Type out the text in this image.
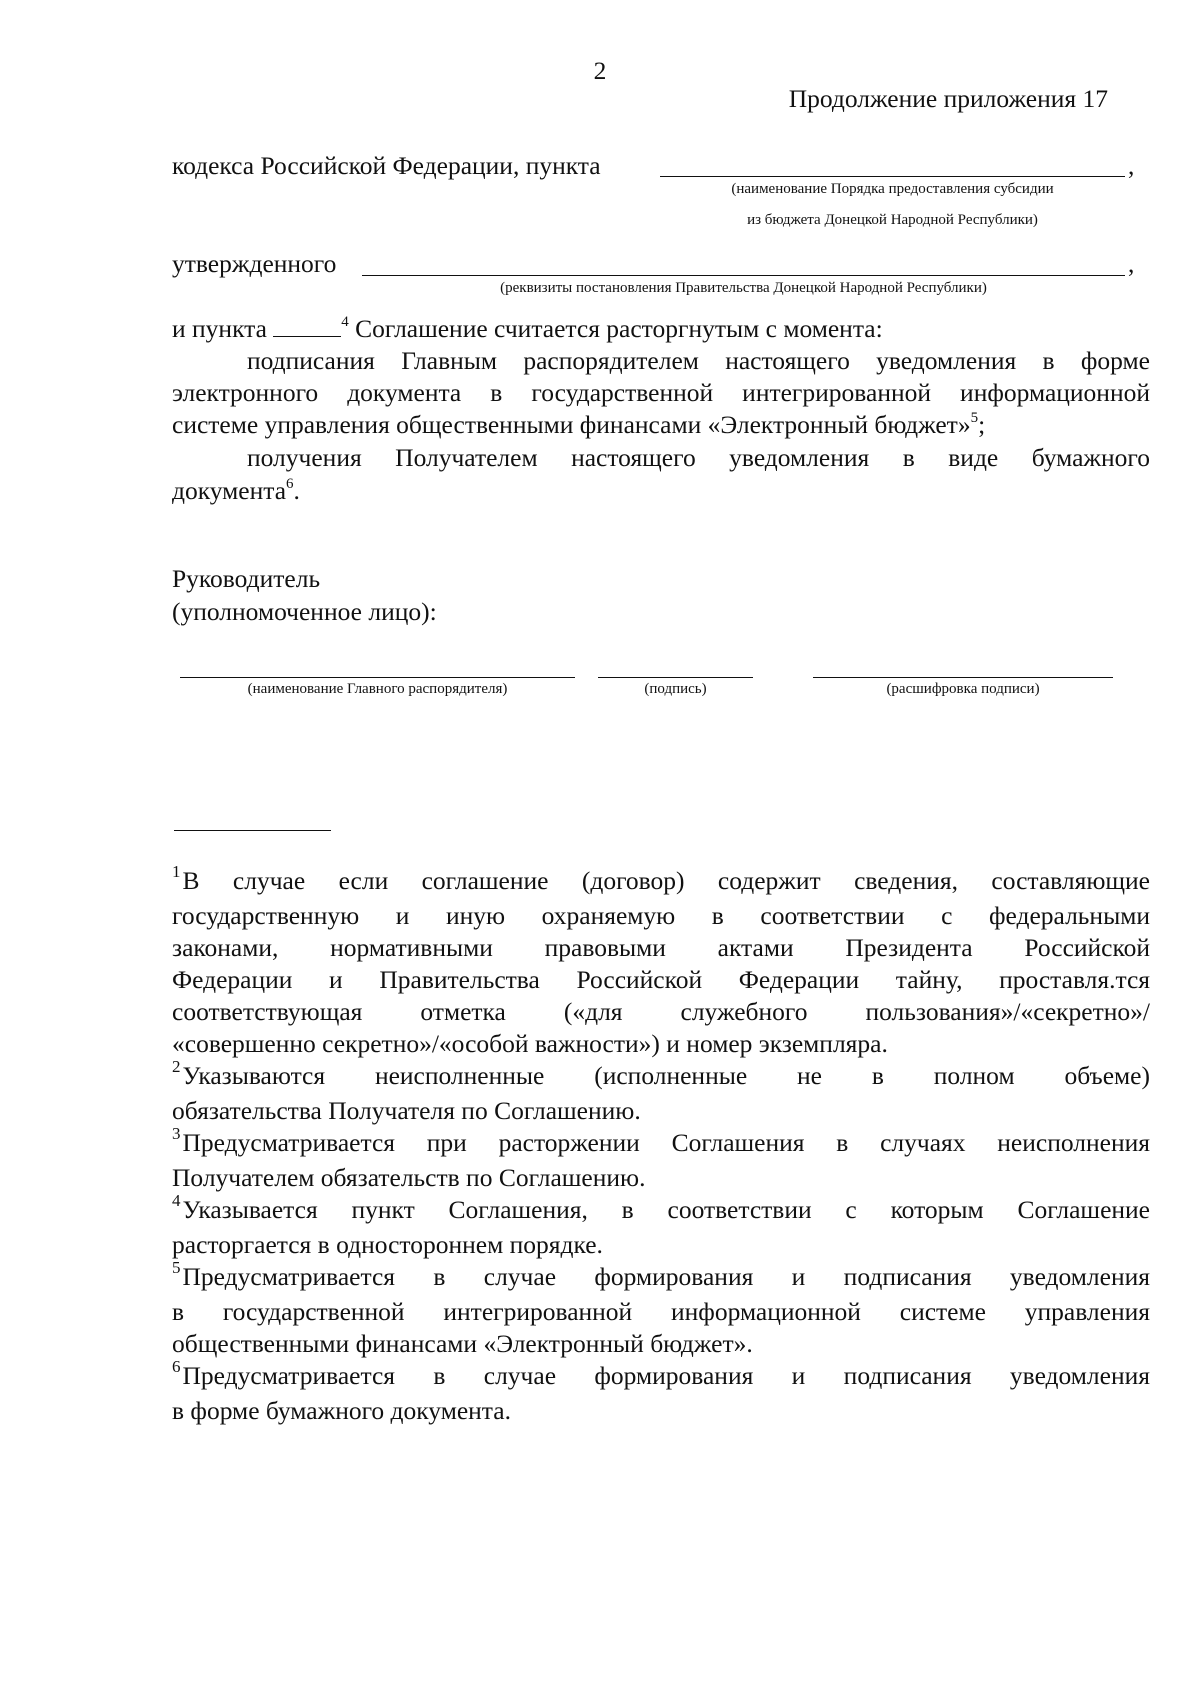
2
Продолжение приложения 17
кодекса Российской Федерации, пункта	,
(наименование Порядка предоставления субсидии
из бюджета Донецкой Народной Республики)
утвержденного	,
(реквизиты постановления Правительства Донецкой Народной Республики)
и пункта	$^4$ Соглашение считается расторгнутым с момента:
подписания Главным распорядителем настоящего уведомления в форме
электронного документа в государственной интегрированной информационной
системе управления общественными финансами «Электронный бюджет»$^5$;
получения Получателем настоящего уведомления в виде бумажного
документа$^6$.
Руководитель
(уполномоченное лицо):
(наименование Главного распорядителя)	(подпись)	(расшифровка подписи)

$^1$В случае если соглашение (договор) содержит сведения, составляющие

государственную и иную охраняемую в соответствии с федеральными

законами, нормативными правовыми актами Президента Российской

Федерации и Правительства Российской Федерации тайну, проставля.тся

соответствующая отметка («для служебного пользования»/«секретно»/

«совершенно секретно»/«особой важности») и номер экземпляра.

$^2$Указываются неисполненные (исполненные не в полном объеме)

обязательства Получателя по Соглашению.

$^3$Предусматривается при расторжении Соглашения в случаях неисполнения

Получателем обязательств по Соглашению.

$^4$Указывается пункт Соглашения, в соответствии с которым Соглашение

расторгается в одностороннем порядке.

$^5$Предусматривается в случае формирования и подписания уведомления

в государственной интегрированной информационной системе управления

общественными финансами «Электронный бюджет».

$^6$Предусматривается в случае формирования и подписания уведомления

в форме бумажного документа.
